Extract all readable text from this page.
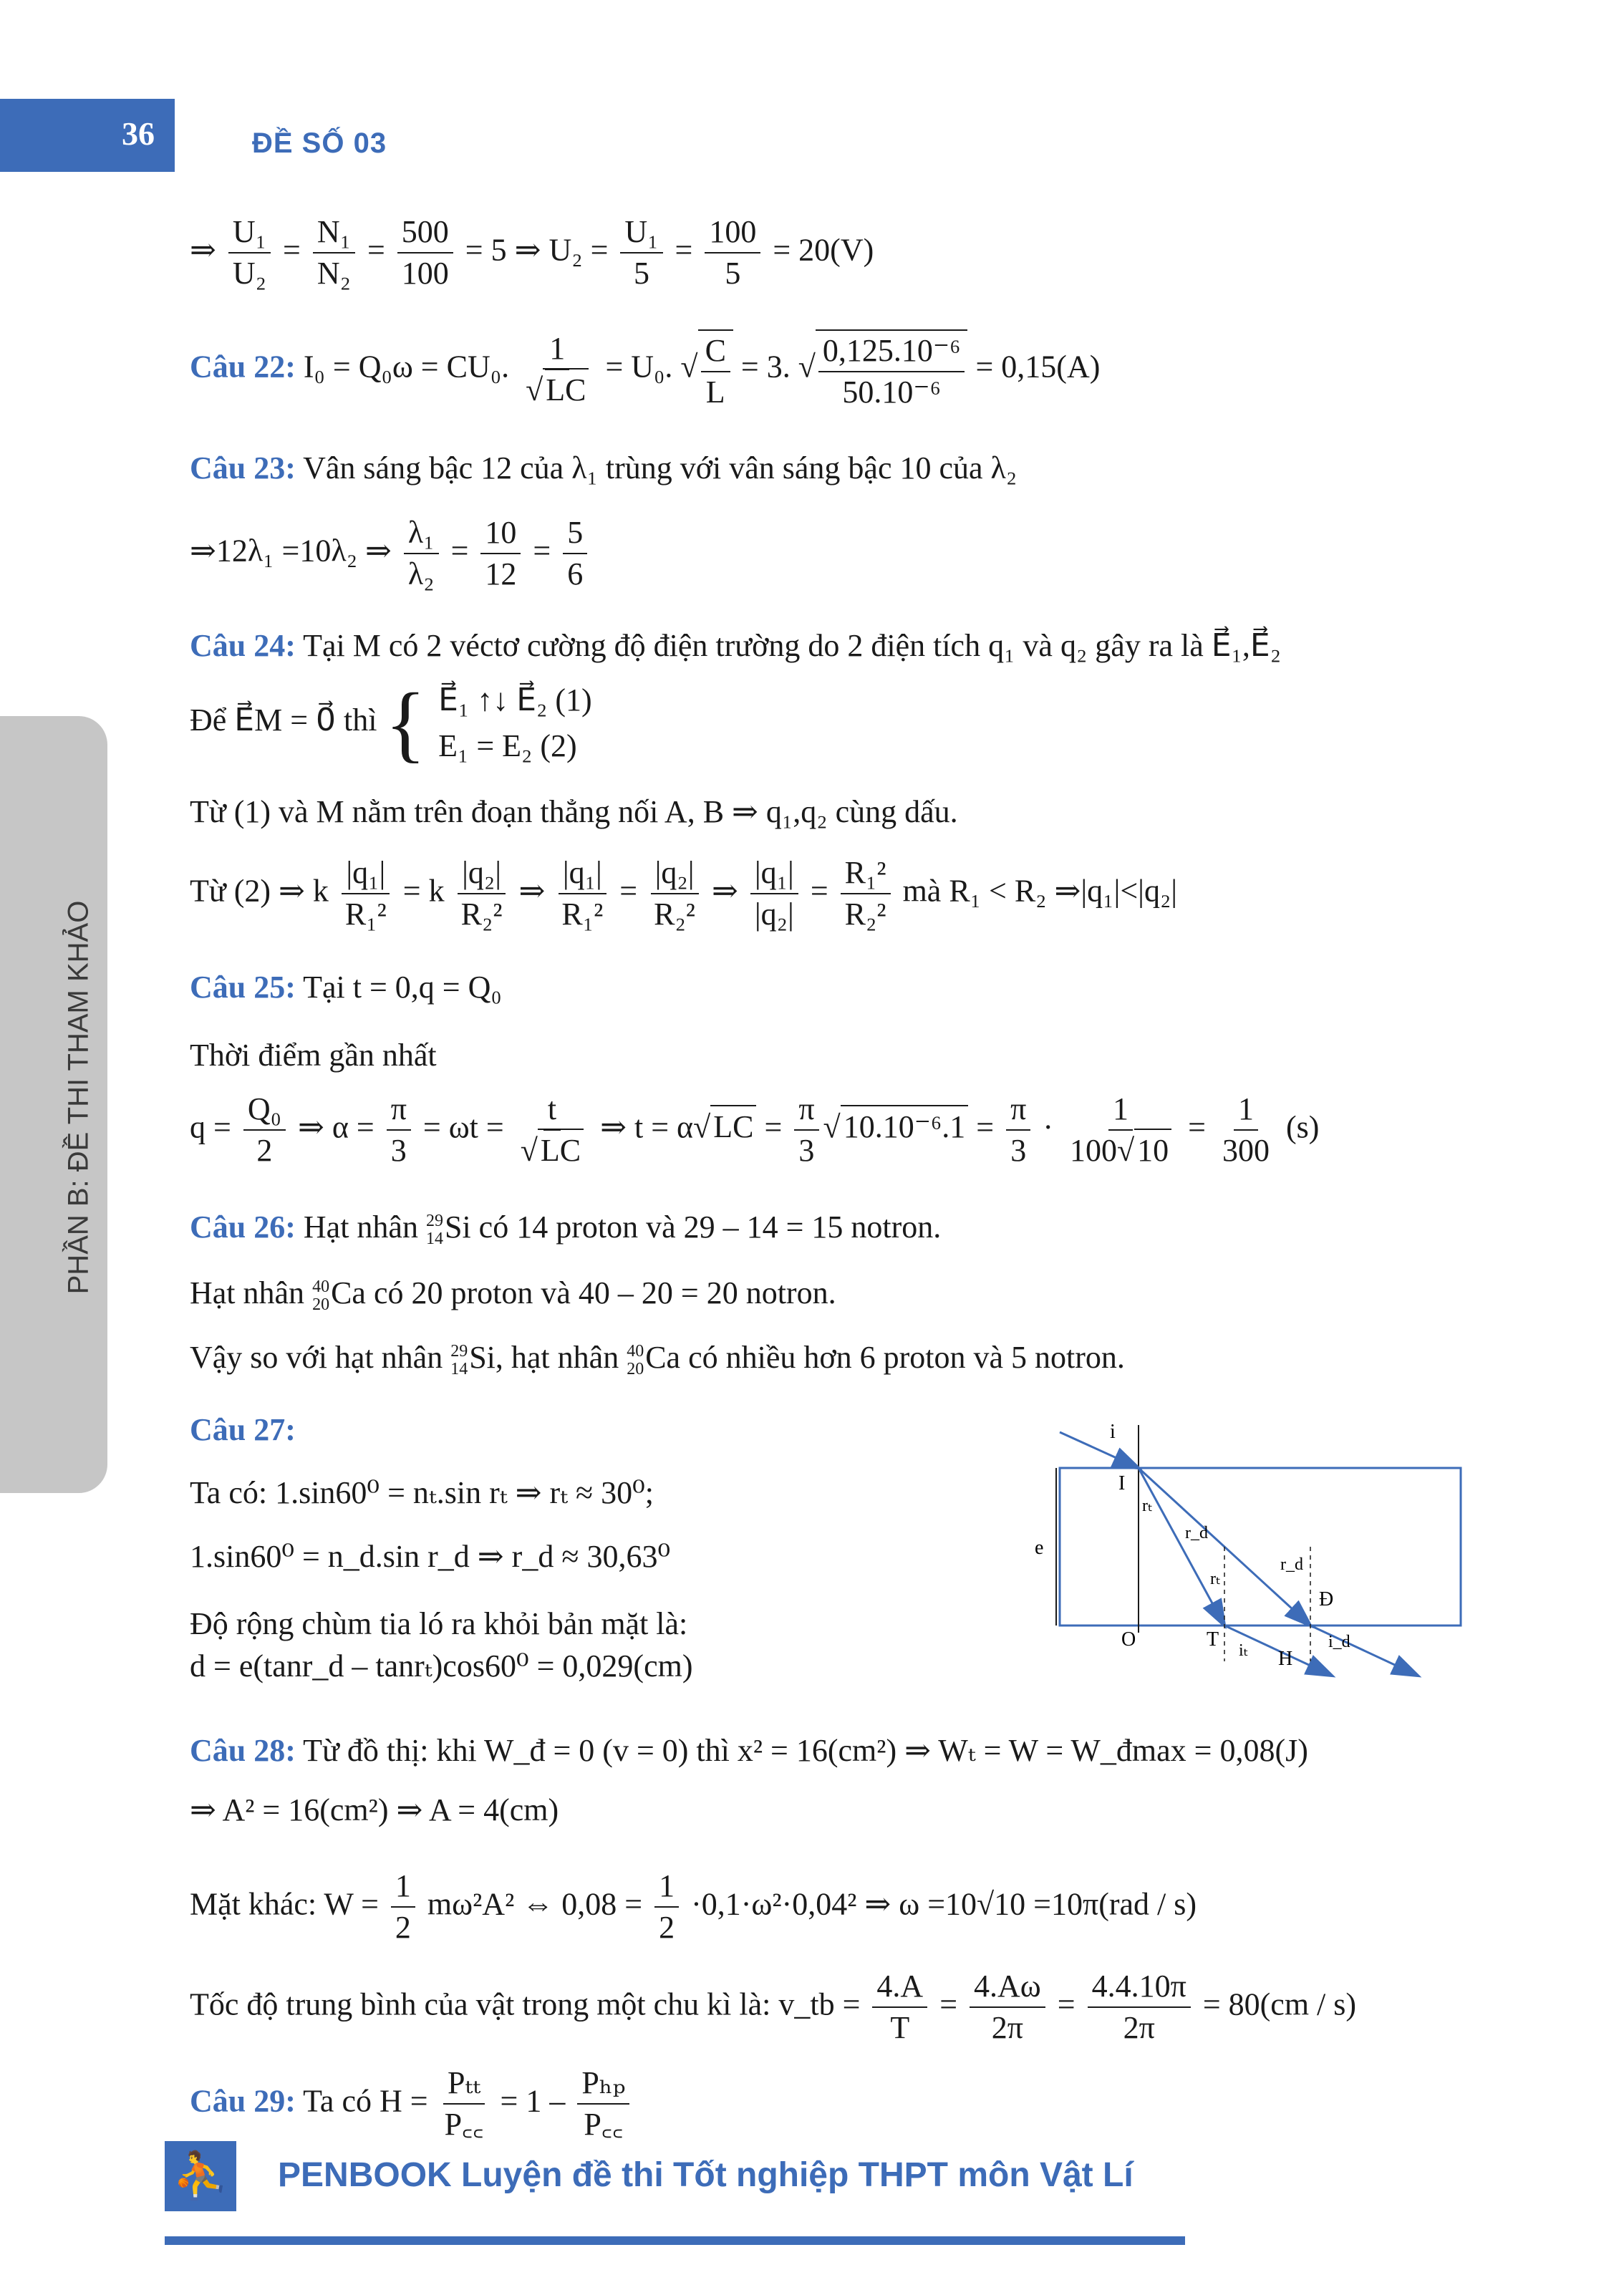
36	ĐỀ SỐ 03
PHẦN B: ĐỀ THI THAM KHẢO
⇒ $\frac{\text{U₁}}{\text{U₂}} = \frac{\text{N₁}}{\text{N₂}} = \frac{500}{100} = 5$ ⇒ $U_2 = \frac{\text{U₁}}{5} = \frac{100}{5} = 20(V)$
Câu 22: I₀ = Q₀ω = CU₀. $\frac{1}{√LC} = U_0$. √ $\frac{C}{L} = 3$. √ $\frac{\text{0,125.10⁻⁶}}{\text{50.10⁻⁶}} = 0,15(A)$
Câu 23: Vân sáng bậc 12 của λ₁ trùng với vân sáng bậc 10 của λ₂
⇒12λ₁ =10λ₂ ⇒ $\frac{\text{λ₁}}{\text{λ₂}} = \frac{10}{12} = \frac{5}{6}$
Câu 24: Tại M có 2 véctơ cường độ điện trường do 2 điện tích q₁ và q₂ gây ra là E⃗₁,E⃗₂
Để E⃗M = 0⃗ thì { E⃗₁ ↑↓ E⃗₂ (1)
E₁ = E₂ (2)
Từ (1) và M nằm trên đoạn thẳng nối A, B ⇒ q₁,q₂ cùng dấu.
Từ (2) ⇒ k $\frac{\text{|q₁|}}{\text{R₁²}} = k \frac{\text{|q₂|}}{\text{R₂²}}$ ⇒ $\frac{\text{|q₁|}}{\text{R₁²}} = \frac{\text{|q₂|}}{\text{R₂²}}$ ⇒ $\frac{\text{|q₁|}}{\text{|q₂|}} = \frac{\text{R₁²}}{\text{R₂²}}$ mà R₁ < R₂ ⇒|q₁|<|q₂|
Câu 25: Tại t = 0,q = Q₀
Thời điểm gần nhất
$q = \frac{\text{Q₀}}{2}$ ⇒ $\alpha = \frac{\pi}{3} = \omega t = \frac{t}{√LC}$ ⇒ $t = \alpha√LC = \frac{\pi}{3} √10.10^{-6}.1 = \frac{\pi}{3} \cdot \frac{1}{100√10} = \frac{1}{300} (s)$
Câu 26: Hạt nhân 29
14 Si có 14 proton và 29 – 14 = 15 notron.
Hạt nhân 40
20 Ca có 20 proton và 40 – 20 = 20 notron.
Vậy so với hạt nhân 29
14 Si, hạt nhân 40
20 Ca có nhiều hơn 6 proton và 5 notron.
Câu 27:
Ta có: 1.sin60⁰ = nₜ.sin rₜ ⇒ rₜ ≈ 30⁰;
1.sin60⁰ = n_d.sin r_d ⇒ r_d ≈ 30,63⁰
Độ rộng chùm tia ló ra khỏi bản mặt là:
d = e(tanr_d – tanrₜ)cos60⁰ = 0,029(cm)
i
I
e
O	T
H
Đ
rₜ
r_d
rₜ
r_d
iₜ	i_d
Câu 28: Từ đồ thị: khi W_đ = 0 (v = 0) thì x² = 16(cm²) ⇒ Wₜ = W = W_đmax = 0,08(J)
⇒ A² = 16(cm²) ⇒ A = 4(cm)
Mặt khác: $W = \frac{1}{2} m\omega^2A^2$ ⇔ $0,08 = \frac{1}{2} \cdot 0,1\cdot\omega^2\cdot 0,04^2$ ⇒ ω =10√10 =10π(rad / s)
Tốc độ trung bình của vật trong một chu kì là: v_tb = $\frac{4.A}{T} = \frac{4.A\omega}{2\pi} = \frac{4.4.10\pi}{2\pi} = 80(cm / s)$
Câu 29: Ta có $H = \frac{\text{Pₜₜ}}{P꜀꜀} = 1 - \frac{\text{Pₕₚ}}{P꜀꜀}$
⛹ PENBOOK Luyện đề thi Tốt nghiệp THPT môn Vật Lí
